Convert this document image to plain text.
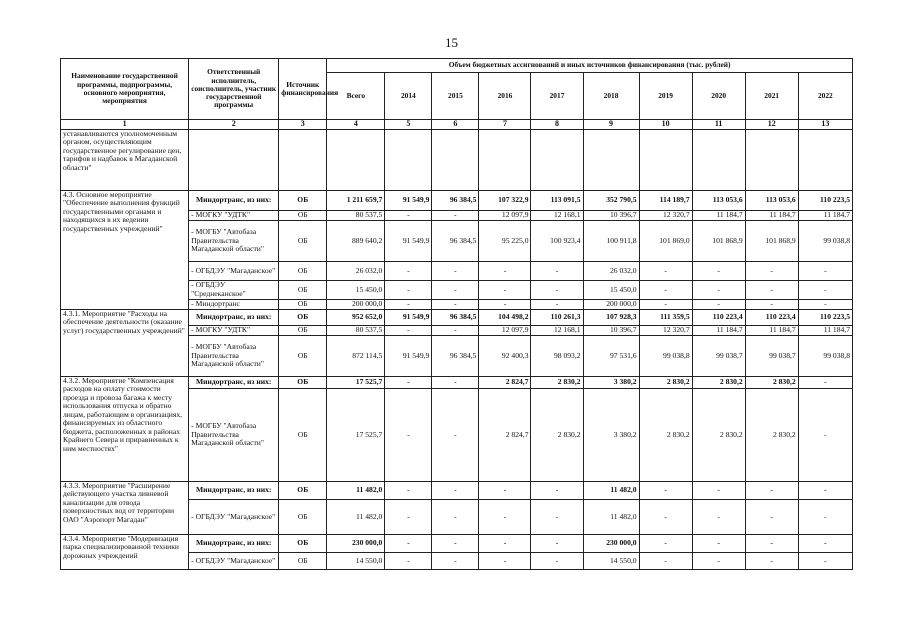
15
Наименование государственной программы, подпрограммы, основного мероприятия, мероприятия	Ответственный исполнитель, соисполнитель, участник государственной программы	Источник финансирования	Объем бюджетных ассигнований и иных источников финансирования (тыс. рублей)									
			Всего	2014	2015	2016	2017	2018	2019	2020	2021	2022
1	2	3	4	5	6	7	8	9	10	11	12	13
устанавливаются уполномоченным органом, осуществляющим государственное регулирование цен, тарифов и надбавок в Магаданской области"												
4.3. Основное мероприятие "Обеспечение выполнения функций государственными органами и находящихся в их ведении государственных учреждений"	Миндортранс, из них:	ОБ	1 211 659,7	91 549,9	96 384,5	107 322,9	113 091,5	352 790,5	114 189,7	113 053,6	113 053,6	110 223,5
	- МОГКУ "УДТК"	ОБ	80 537,5	-	-	12 097,9	12 168,1	10 396,7	12 320,7	11 184,7	11 184,7	11 184,7
	- МОГБУ "Автобаза Правительства Магаданской области"	ОБ	889 640,2	91 549,9	96 384,5	95 225,0	100 923,4	100 911,8	101 869,0	101 868,9	101 868,9	99 038,8
	- ОГБДЭУ "Магаданское"	ОБ	26 032,0	-	-	-	-	26 032,0	-	-	-	-
	- ОГБДЭУ "Среднеканское"	ОБ	15 450,0	-	-	-	-	15 450,0	-	-	-	-
	- Миндортранс	ОБ	200 000,0	-	-	-	-	200 000,0	-	-	-	-
4.3.1. Мероприятие "Расходы на обеспечение деятельности (оказание услуг) государственных учреждений"	Миндортранс, из них:	ОБ	952 652,0	91 549,9	96 384,5	104 498,2	110 261,3	107 928,3	111 359,5	110 223,4	110 223,4	110 223,5
	- МОГКУ "УДТК"	ОБ	80 537,5	-	-	12 097,9	12 168,1	10 396,7	12 320,7	11 184,7	11 184,7	11 184,7
	- МОГБУ "Автобаза Правительства Магаданской области"	ОБ	872 114,5	91 549,9	96 384,5	92 400,3	98 093,2	97 531,6	99 038,8	99 038,7	99 038,7	99 038,8
4.3.2. Мероприятие "Компенсация расходов на оплату стоимости проезда и провоза багажа к месту использования отпуска и обратно лицам, работающим в организациях, финансируемых из областного бюджета, расположенных в районах Крайнего Севера и приравненных к ним местностях"	Миндортранс, из них:	ОБ	17 525,7	-	-	2 824,7	2 830,2	3 380,2	2 830,2	2 830,2	2 830,2	-
	- МОГБУ "Автобаза Правительства Магаданской области"	ОБ	17 525,7	-	-	2 824,7	2 830,2	3 380,2	2 830,2	2 830,2	2 830,2	-
4.3.3. Мероприятие "Расширение действующего участка ливневой канализации для отвода поверхностных вод от территории ОАО "Аэропорт Магадан"	Миндортранс, из них:	ОБ	11 482,0	-	-	-	-	11 482,0	-	-	-	-
	- ОГБДЭУ "Магаданское"	ОБ	11 482,0	-	-	-	-	11 482,0	-	-	-	-
4.3.4. Мероприятие "Модернизация парка специализированной техники дорожных учреждений	Миндортранс, из них:	ОБ	230 000,0	-	-	-	-	230 000,0	-	-	-	-
	- ОГБДЭУ "Магаданское"	ОБ	14 550,0	-	-	-	-	14 550,0	-	-	-	-
